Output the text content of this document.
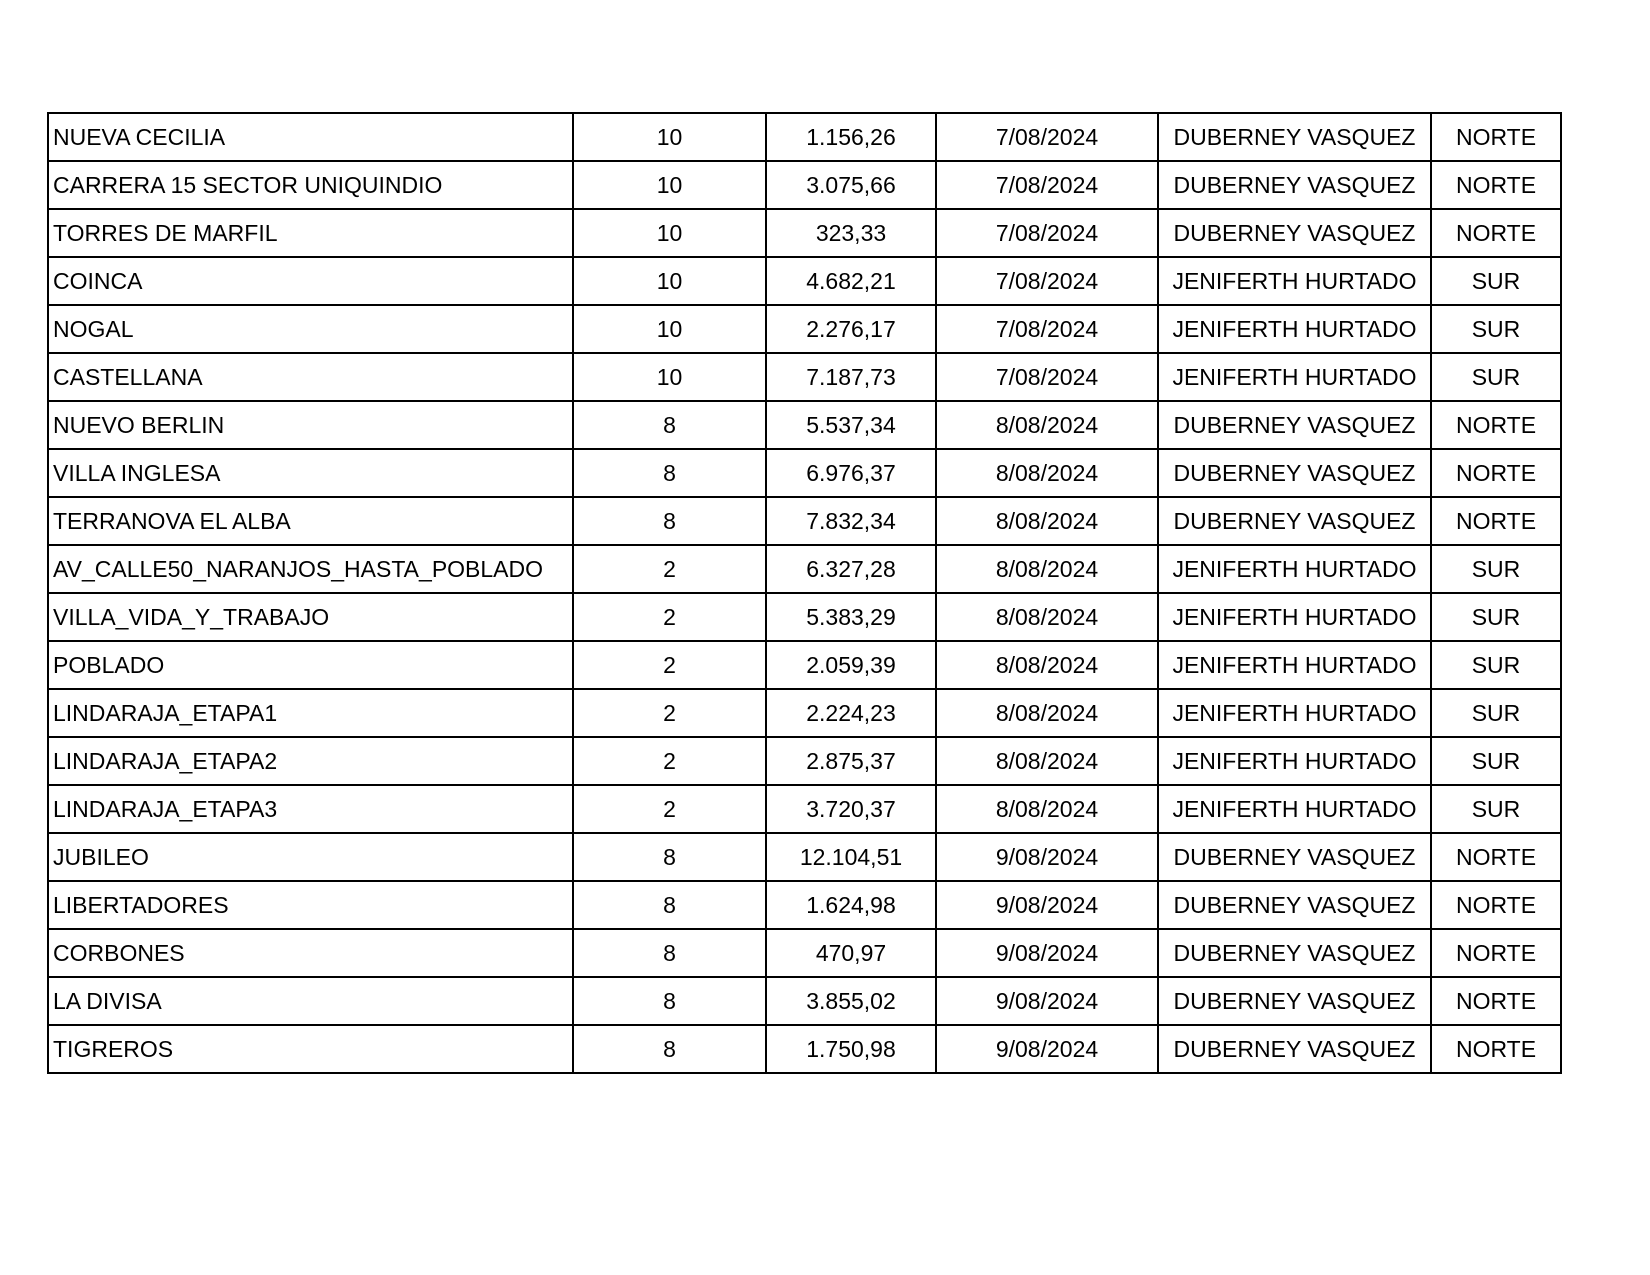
NUEVA CECILIA	10	1.156,26	7/08/2024	DUBERNEY VASQUEZ	NORTE
CARRERA 15 SECTOR UNIQUINDIO	10	3.075,66	7/08/2024	DUBERNEY VASQUEZ	NORTE
TORRES DE MARFIL	10	323,33	7/08/2024	DUBERNEY VASQUEZ	NORTE
COINCA	10	4.682,21	7/08/2024	JENIFERTH HURTADO	SUR
NOGAL	10	2.276,17	7/08/2024	JENIFERTH HURTADO	SUR
CASTELLANA	10	7.187,73	7/08/2024	JENIFERTH HURTADO	SUR
NUEVO BERLIN	8	5.537,34	8/08/2024	DUBERNEY VASQUEZ	NORTE
VILLA INGLESA	8	6.976,37	8/08/2024	DUBERNEY VASQUEZ	NORTE
TERRANOVA EL ALBA	8	7.832,34	8/08/2024	DUBERNEY VASQUEZ	NORTE
AV_CALLE50_NARANJOS_HASTA_POBLADO	2	6.327,28	8/08/2024	JENIFERTH HURTADO	SUR
VILLA_VIDA_Y_TRABAJO	2	5.383,29	8/08/2024	JENIFERTH HURTADO	SUR
POBLADO	2	2.059,39	8/08/2024	JENIFERTH HURTADO	SUR
LINDARAJA_ETAPA1	2	2.224,23	8/08/2024	JENIFERTH HURTADO	SUR
LINDARAJA_ETAPA2	2	2.875,37	8/08/2024	JENIFERTH HURTADO	SUR
LINDARAJA_ETAPA3	2	3.720,37	8/08/2024	JENIFERTH HURTADO	SUR
JUBILEO	8	12.104,51	9/08/2024	DUBERNEY VASQUEZ	NORTE
LIBERTADORES	8	1.624,98	9/08/2024	DUBERNEY VASQUEZ	NORTE
CORBONES	8	470,97	9/08/2024	DUBERNEY VASQUEZ	NORTE
LA DIVISA	8	3.855,02	9/08/2024	DUBERNEY VASQUEZ	NORTE
TIGREROS	8	1.750,98	9/08/2024	DUBERNEY VASQUEZ	NORTE
